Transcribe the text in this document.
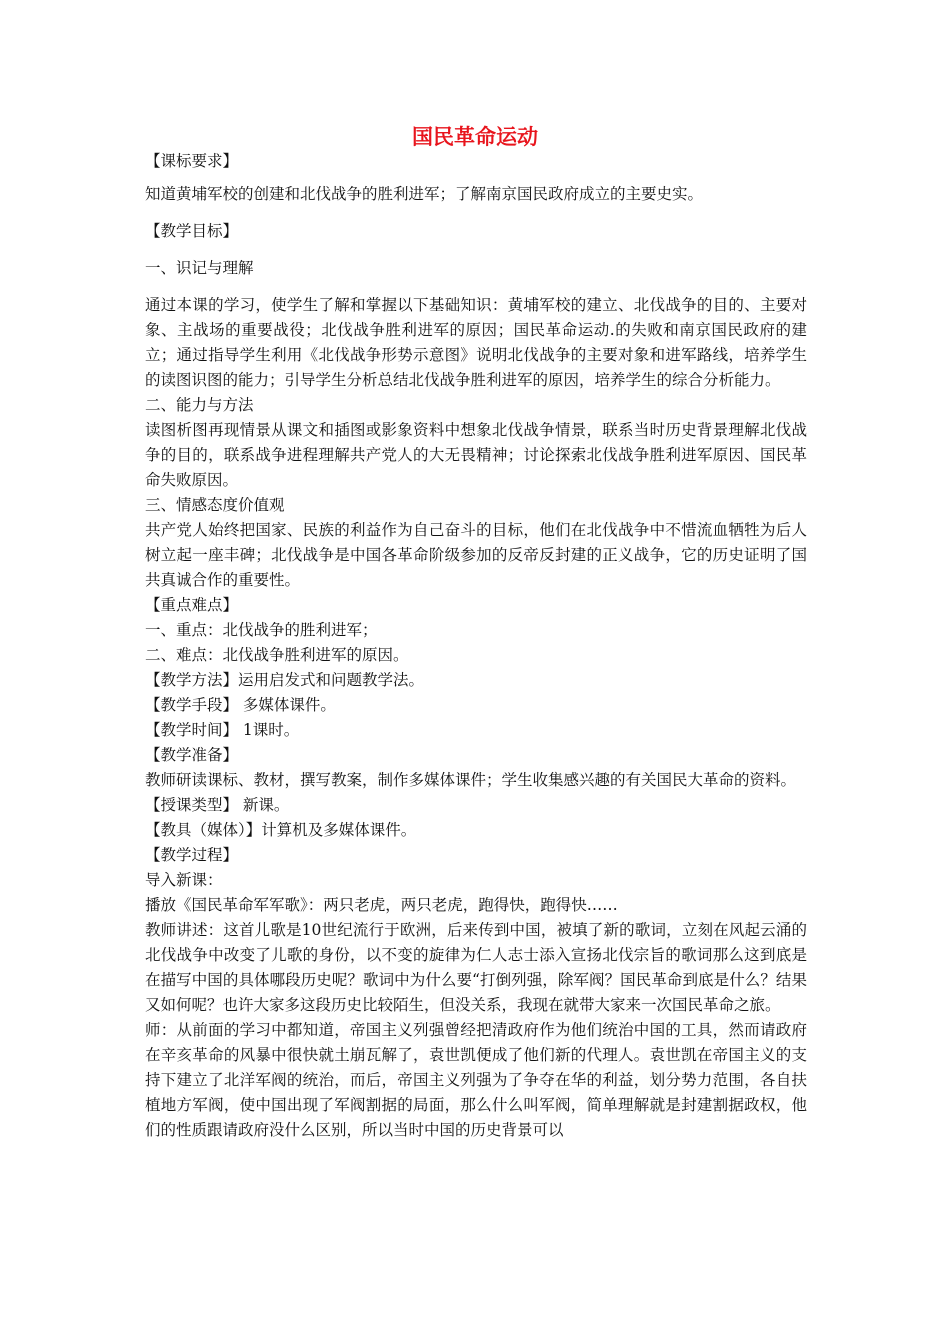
国民革命运动

【课标要求】

知道黄埔军校的创建和北伐战争的胜利进军；了解南京国民政府成立的主要史实。

【教学目标】

一、识记与理解

通过本课的学习，使学生了解和掌握以下基础知识：黄埔军校的建立、北伐战争的目的、主要对象、主战场的重要战役；北伐战争胜利进军的原因；国民革命运动.的失败和南京国民政府的建立；通过指导学生利用《北伐战争形势示意图》说明北伐战争的主要对象和进军路线，培养学生的读图识图的能力；引导学生分析总结北伐战争胜利进军的原因，培养学生的综合分析能力。

二、能力与方法

读图析图再现情景从课文和插图或影象资料中想象北伐战争情景，联系当时历史背景理解北伐战争的目的，联系战争进程理解共产党人的大无畏精神；讨论探索北伐战争胜利进军原因、国民革命失败原因。

三、情感态度价值观

共产党人始终把国家、民族的利益作为自己奋斗的目标，他们在北伐战争中不惜流血牺牲为后人树立起一座丰碑；北伐战争是中国各革命阶级参加的反帝反封建的正义战争，它的历史证明了国共真诚合作的重要性。

【重点难点】

一、重点：北伐战争的胜利进军；

二、难点：北伐战争胜利进军的原因。

【教学方法】运用启发式和问题教学法。

【教学手段】 多媒体课件。

【教学时间】 1课时。

【教学准备】

教师研读课标、教材，撰写教案，制作多媒体课件；学生收集感兴趣的有关国民大革命的资料。

【授课类型】 新课。

【教具（媒体）】计算机及多媒体课件。

【教学过程】

导入新课：

播放《国民革命军军歌》：两只老虎，两只老虎，跑得快，跑得快……

教师讲述：这首儿歌是10世纪流行于欧洲，后来传到中国，被填了新的歌词，立刻在风起云涌的北伐战争中改变了儿歌的身份，以不变的旋律为仁人志士添入宣扬北伐宗旨的歌词那么这到底是在描写中国的具体哪段历史呢？歌词中为什么要“打倒列强，除军阀？国民革命到底是什么？结果又如何呢？也许大家多这段历史比较陌生，但没关系，我现在就带大家来一次国民革命之旅。

师：从前面的学习中都知道，帝国主义列强曾经把清政府作为他们统治中国的工具，然而请政府在辛亥革命的风暴中很快就土崩瓦解了，袁世凯便成了他们新的代理人。袁世凯在帝国主义的支持下建立了北洋军阀的统治，而后，帝国主义列强为了争夺在华的利益，划分势力范围，各自扶植地方军阀，使中国出现了军阀割据的局面，那么什么叫军阀，简单理解就是封建割据政权，他们的性质跟请政府没什么区别，所以当时中国的历史背景可以
